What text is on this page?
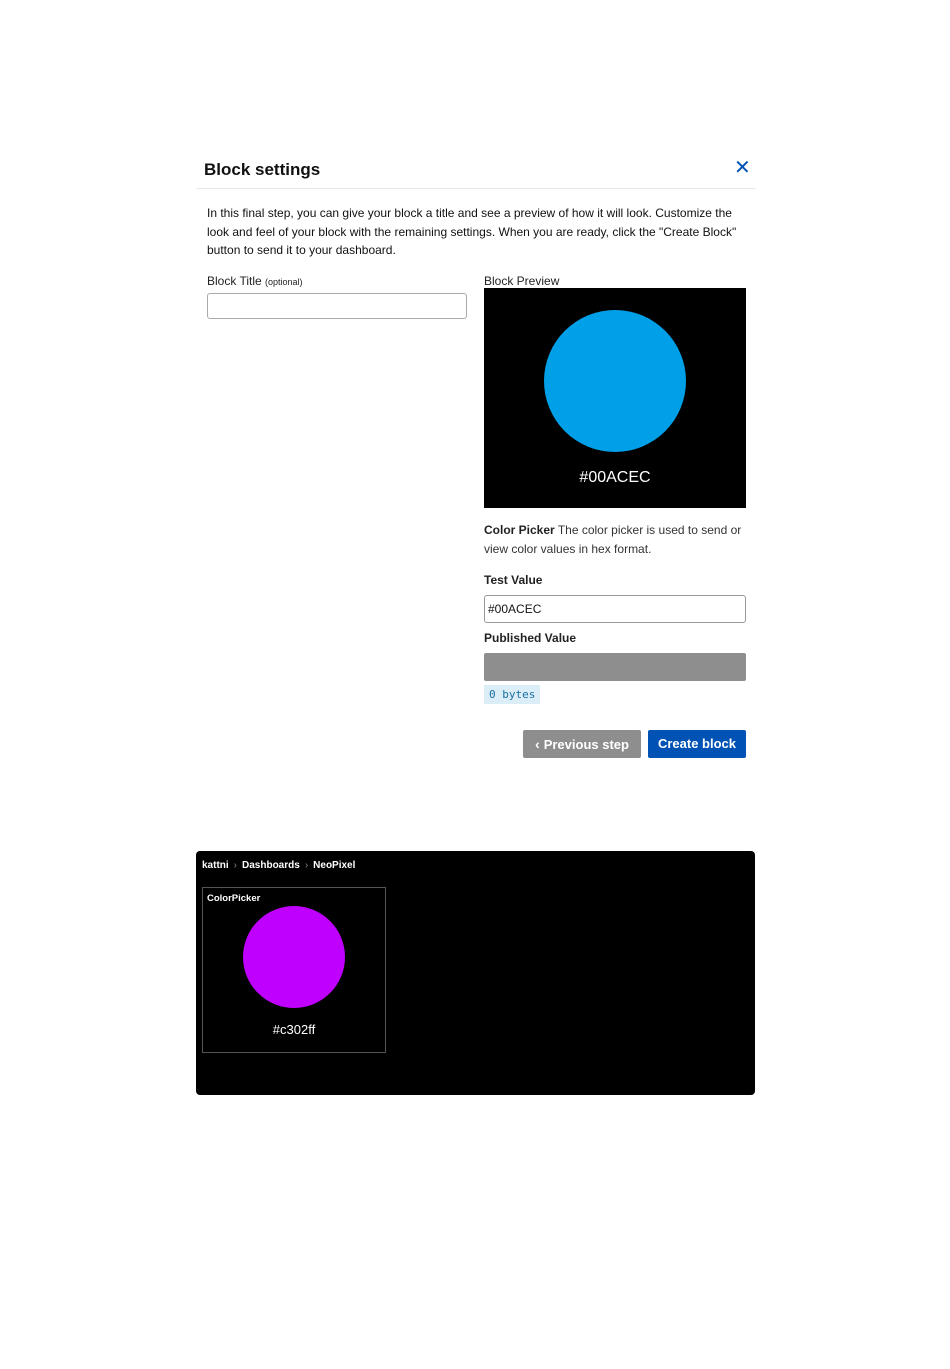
Block settings	✕
In this final step, you can give your block a title and see a preview of how it will look. Customize the look and feel of your block with the remaining settings. When you are ready, click the "Create Block" button to send it to your dashboard.
Block Title (optional)	Block Preview
#00ACEC
Color Picker The color picker is used to send or view color values in hex format.
Test Value
#00ACEC
Published Value
0 bytes
‹ Previous step	Create block
kattni › Dashboards › NeoPixel
ColorPicker
#c302ff
